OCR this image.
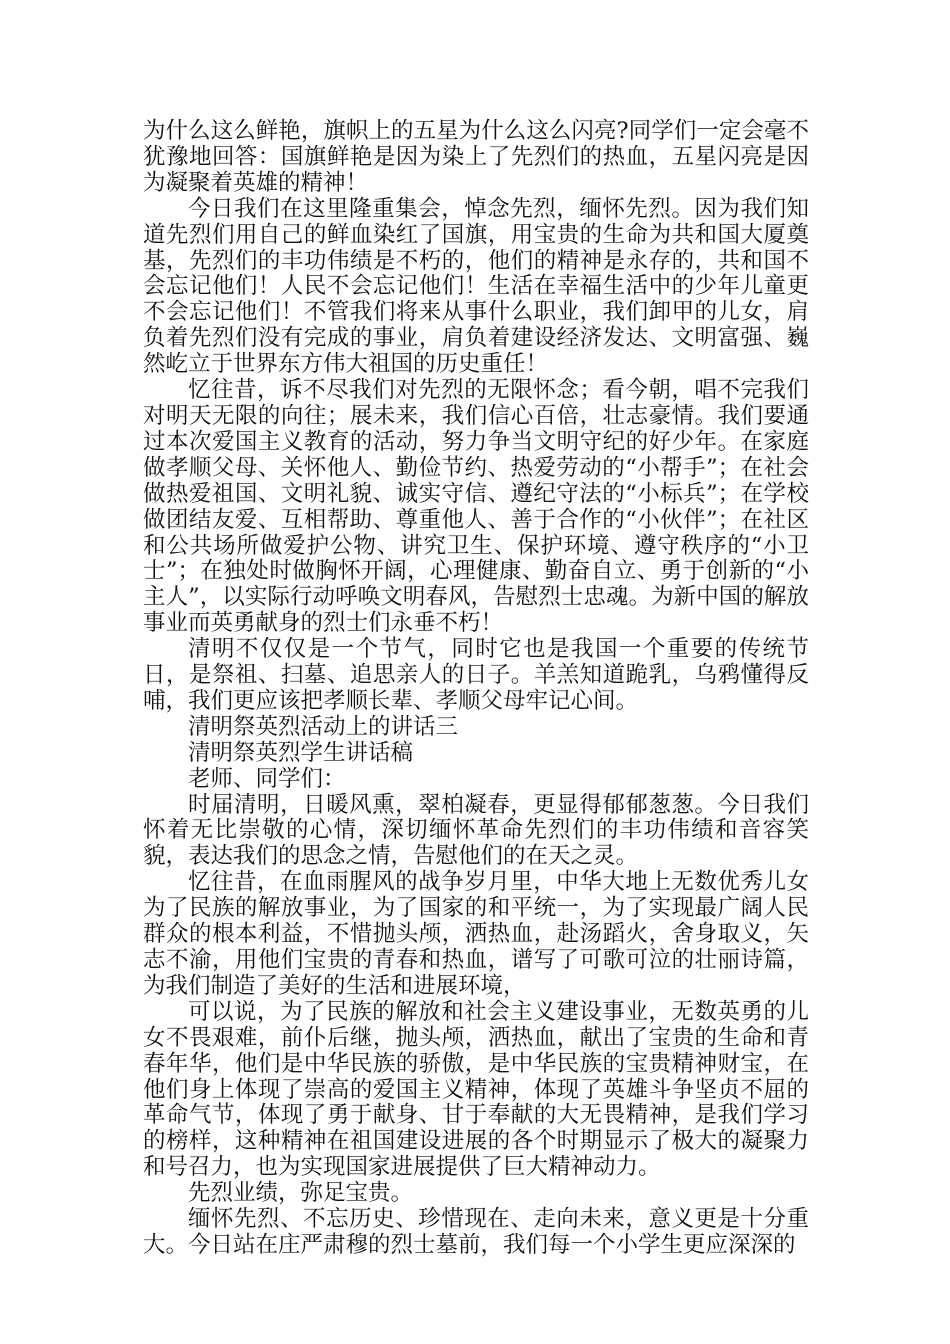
为什么这么鲜艳，旗帜上的五星为什么这么闪亮?同学们一定会毫不犹豫地回答：国旗鲜艳是因为染上了先烈们的热血，五星闪亮是因为凝聚着英雄的精神！

今日我们在这里隆重集会，悼念先烈，缅怀先烈。因为我们知道先烈们用自己的鲜血染红了国旗，用宝贵的生命为共和国大厦奠基，先烈们的丰功伟绩是不朽的，他们的精神是永存的，共和国不会忘记他们！人民不会忘记他们！生活在幸福生活中的少年儿童更不会忘记他们！不管我们将来从事什么职业，我们卸甲的儿女，肩负着先烈们没有完成的事业，肩负着建设经济发达、文明富强、巍然屹立于世界东方伟大祖国的历史重任！

忆往昔，诉不尽我们对先烈的无限怀念；看今朝，唱不完我们对明天无限的向往；展未来，我们信心百倍，壮志豪情。我们要通过本次爱国主义教育的活动，努力争当文明守纪的好少年。在家庭做孝顺父母、关怀他人、勤俭节约、热爱劳动的“小帮手”；在社会做热爱祖国、文明礼貌、诚实守信、遵纪守法的“小标兵”；在学校做团结友爱、互相帮助、尊重他人、善于合作的“小伙伴”；在社区和公共场所做爱护公物、讲究卫生、保护环境、遵守秩序的“小卫士”；在独处时做胸怀开阔，心理健康、勤奋自立、勇于创新的“小主人”，以实际行动呼唤文明春风，告慰烈士忠魂。为新中国的解放事业而英勇献身的烈士们永垂不朽！

清明不仅仅是一个节气，同时它也是我国一个重要的传统节日，是祭祖、扫墓、追思亲人的日子。羊羔知道跪乳，乌鸦懂得反哺，我们更应该把孝顺长辈、孝顺父母牢记心间。

清明祭英烈活动上的讲话三

清明祭英烈学生讲话稿

老师、同学们：

时届清明，日暖风熏，翠柏凝春，更显得郁郁葱葱。今日我们怀着无比崇敬的心情，深切缅怀革命先烈们的丰功伟绩和音容笑貌，表达我们的思念之情，告慰他们的在天之灵。

忆往昔，在血雨腥风的战争岁月里，中华大地上无数优秀儿女为了民族的解放事业，为了国家的和平统一，为了实现最广阔人民群众的根本利益，不惜抛头颅，洒热血，赴汤蹈火，舍身取义，矢志不渝，用他们宝贵的青春和热血，谱写了可歌可泣的壮丽诗篇，为我们制造了美好的生活和进展环境，

可以说，为了民族的解放和社会主义建设事业，无数英勇的儿女不畏艰难，前仆后继，抛头颅，洒热血，献出了宝贵的生命和青春年华，他们是中华民族的骄傲，是中华民族的宝贵精神财宝，在他们身上体现了崇高的爱国主义精神，体现了英雄斗争坚贞不屈的革命气节，体现了勇于献身、甘于奉献的大无畏精神，是我们学习的榜样，这种精神在祖国建设进展的各个时期显示了极大的凝聚力和号召力，也为实现国家进展提供了巨大精神动力。

先烈业绩，弥足宝贵。

缅怀先烈、不忘历史、珍惜现在、走向未来，意义更是十分重大。今日站在庄严肃穆的烈士墓前，我们每一个小学生更应深深的
